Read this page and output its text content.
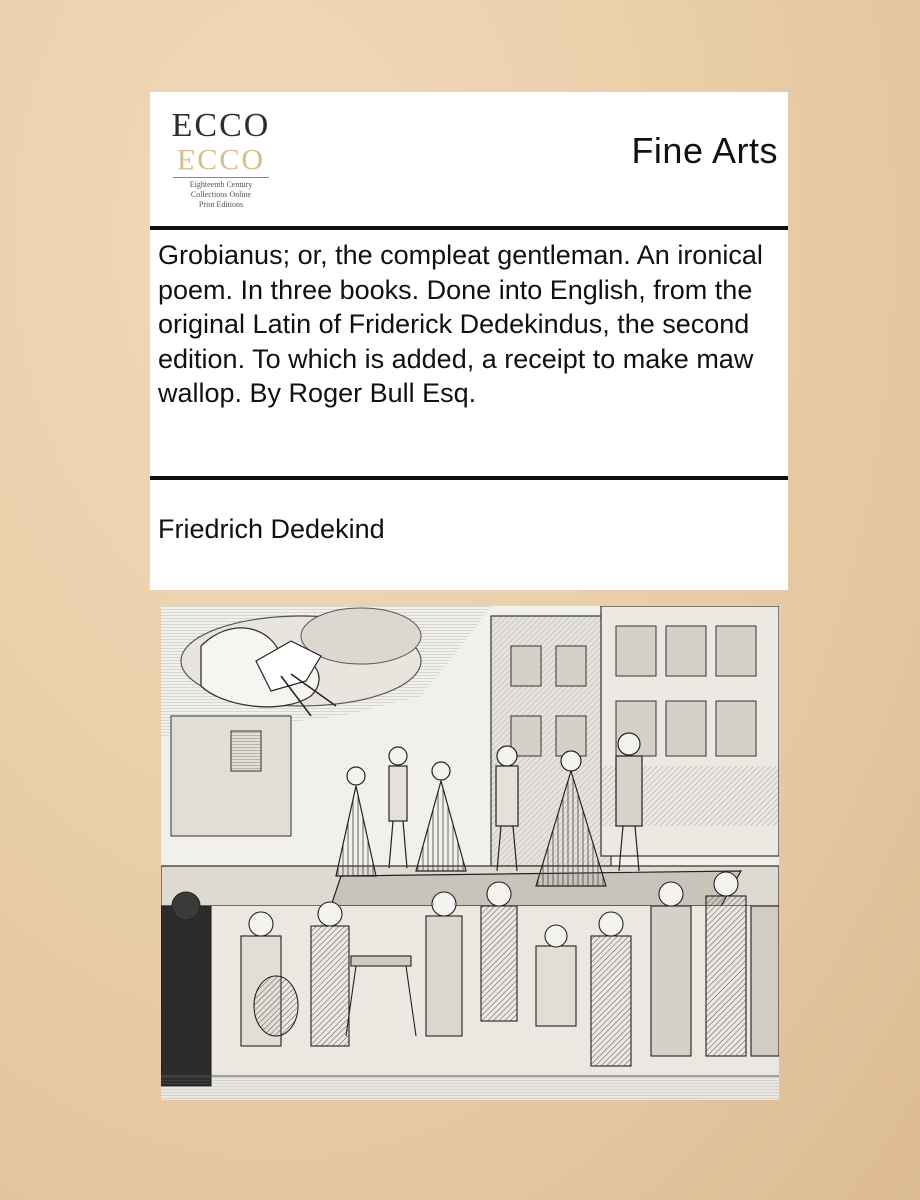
ECCO
ECCO
Eighteenth Century
Collections Online
Print Editions
Fine Arts
Grobianus; or, the compleat gentleman. An ironical poem. In three books. Done into English, from the original Latin of Friderick Dedekindus, the second edition. To which is added, a receipt to make maw wallop. By Roger Bull Esq.
Friedrich Dedekind
